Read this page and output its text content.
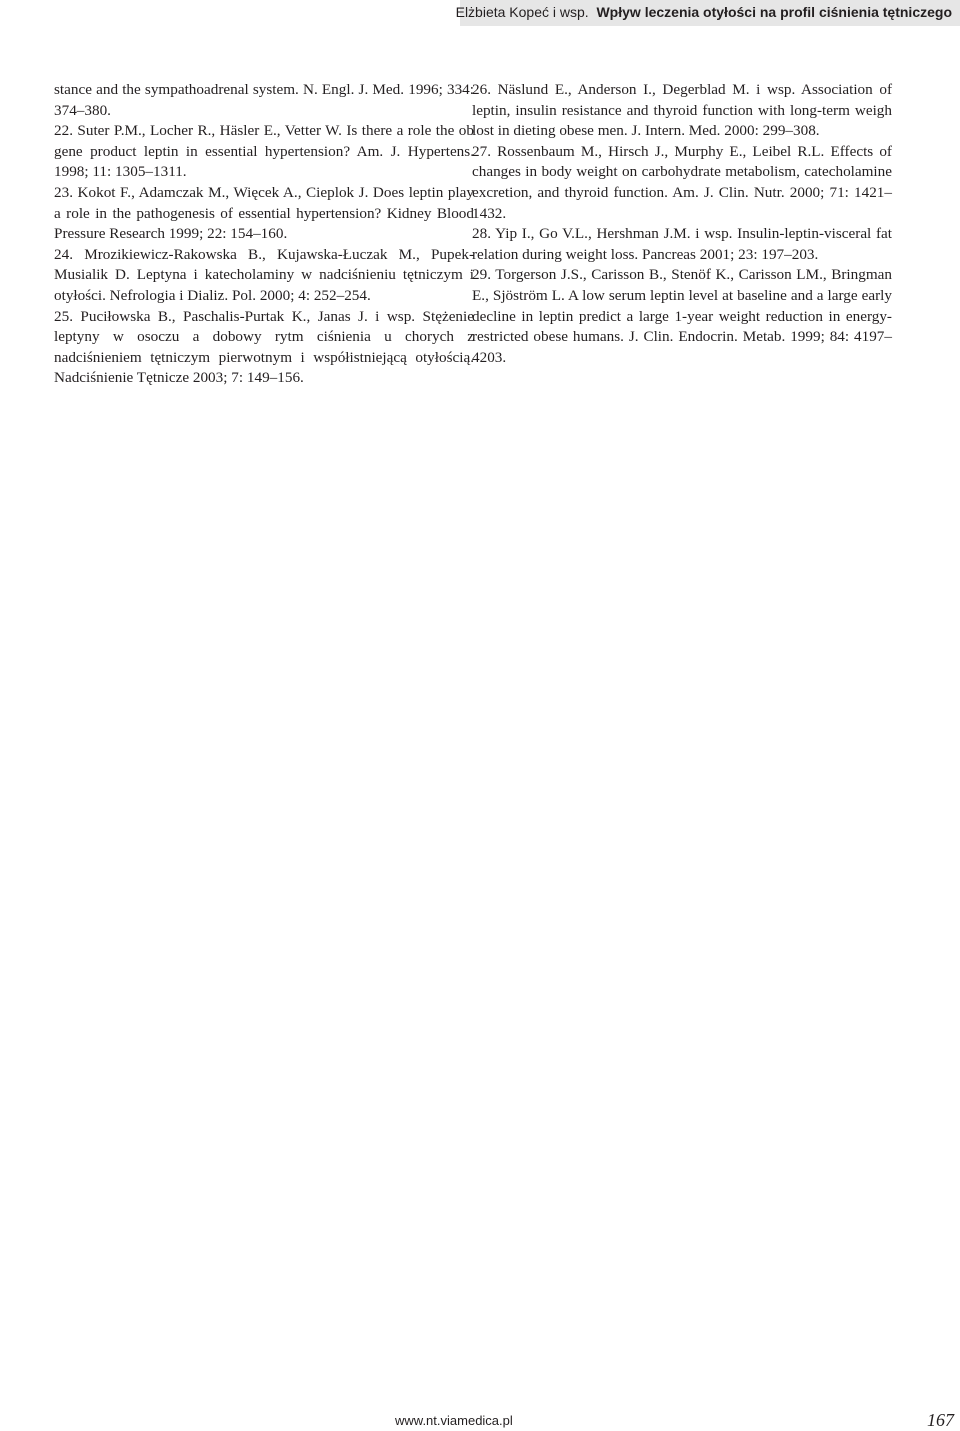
Elżbieta Kopeć i wsp. Wpływ leczenia otyłości na profil ciśnienia tętniczego

stance and the sympathoadrenal system. N. Engl. J. Med. 1996; 334: 374–380.

22. Suter P.M., Locher R., Häsler E., Vetter W. Is there a role the ob gene product leptin in essential hypertension? Am. J. Hypertens. 1998; 11: 1305–1311.

23. Kokot F., Adamczak M., Więcek A., Cieplok J. Does leptin play a role in the pathogenesis of essential hypertension? Kidney Blood Pressure Research 1999; 22: 154–160.

24. Mrozikiewicz-Rakowska B., Kujawska-Łuczak M., Pupek-Musialik D. Leptyna i katecholaminy w nadciśnieniu tętniczym i otyłości. Nefrologia i Dializ. Pol. 2000; 4: 252–254.

25. Puciłowska B., Paschalis-Purtak K., Janas J. i wsp. Stężenie leptyny w osoczu a dobowy rytm ciśnienia u chorych z nadciśnieniem tętniczym pierwotnym i współistniejącą otyłością. Nadciśnienie Tętnicze 2003; 7: 149–156.

26. Näslund E., Anderson I., Degerblad M. i wsp. Association of leptin, insulin resistance and thyroid function with long-term weigh lost in dieting obese men. J. Intern. Med. 2000: 299–308.

27. Rossenbaum M., Hirsch J., Murphy E., Leibel R.L. Effects of changes in body weight on carbohydrate metabolism, catecholamine excretion, and thyroid function. Am. J. Clin. Nutr. 2000; 71: 1421–1432.

28. Yip I., Go V.L., Hershman J.M. i wsp. Insulin-leptin-visceral fat relation during weight loss. Pancreas 2001; 23: 197–203.

29. Torgerson J.S., Carisson B., Stenöf K., Carisson LM., Bringman E., Sjöström L. A low serum leptin level at baseline and a large early decline in leptin predict a large 1-year weight reduction in energy-restricted obese humans. J. Clin. Endocrin. Metab. 1999; 84: 4197–4203.

www.nt.viamedica.pl	167
